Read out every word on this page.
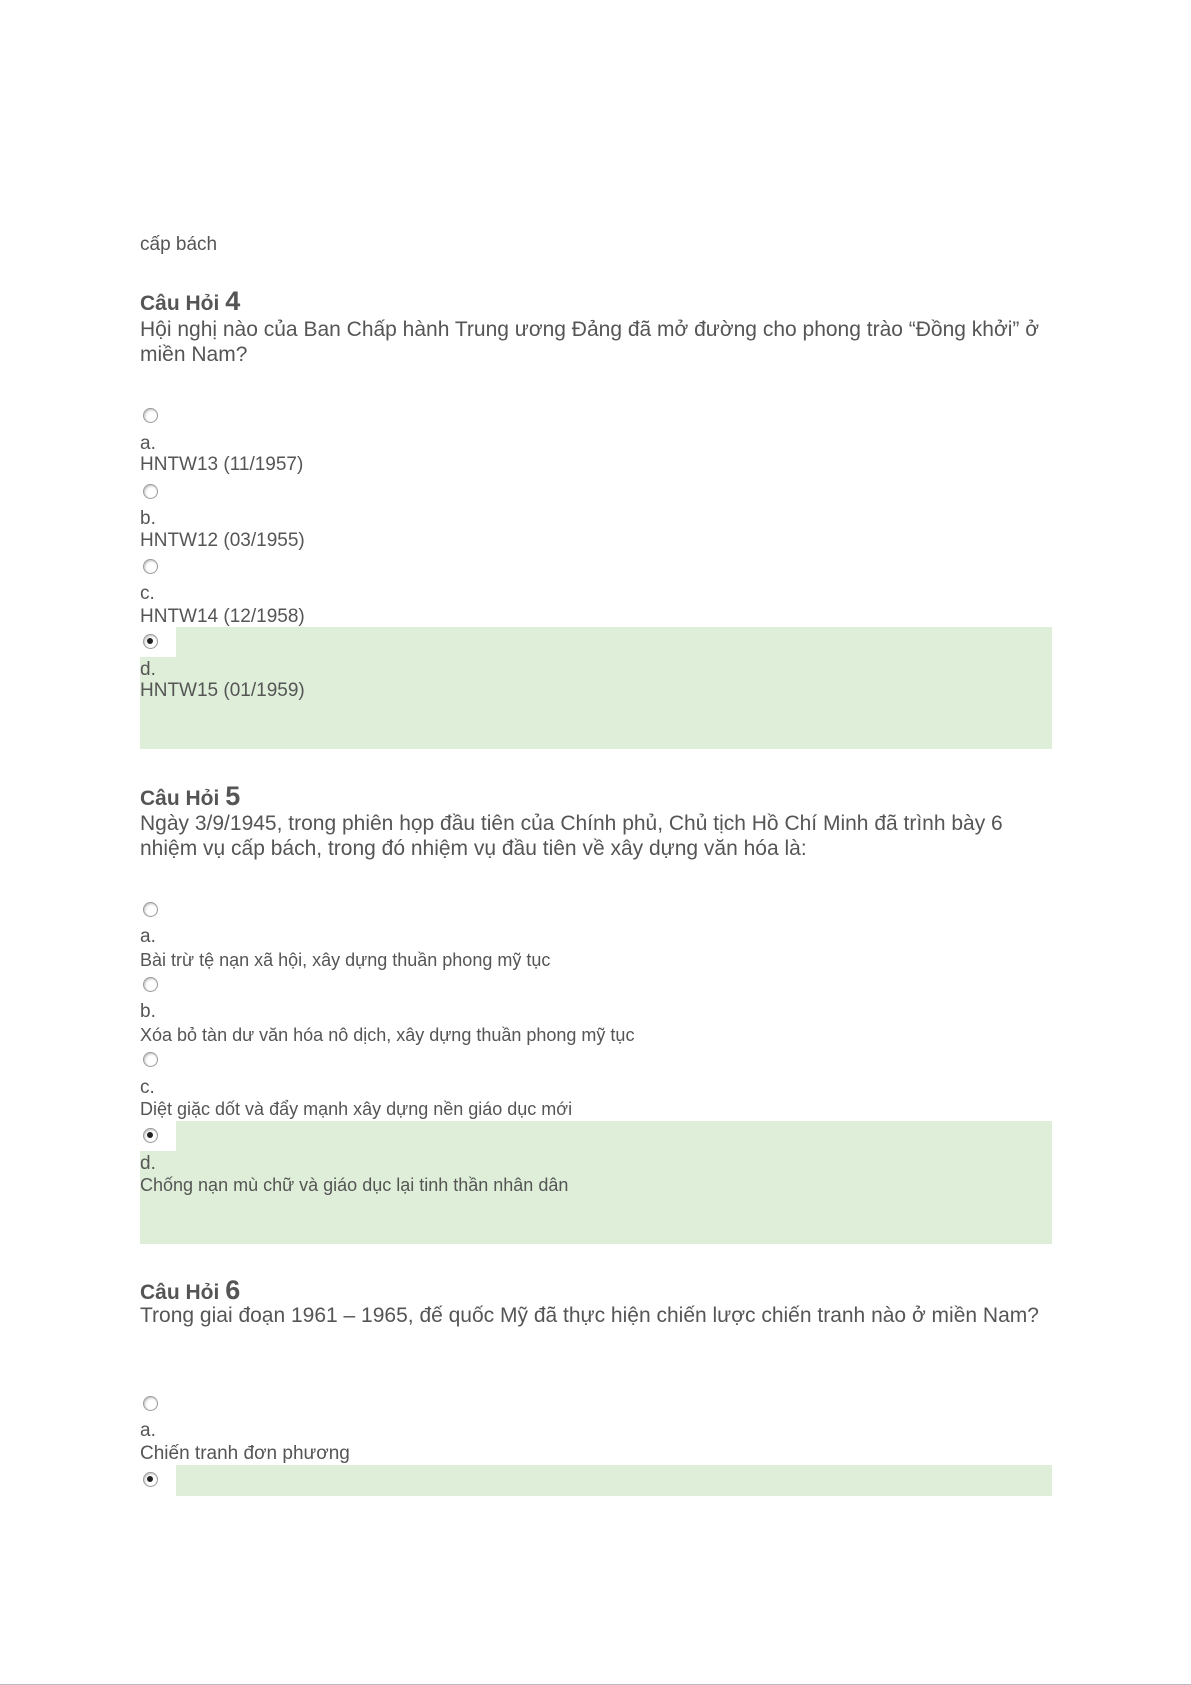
cấp bách
Câu Hỏi 4
Hội nghị nào của Ban Chấp hành Trung ương Đảng đã mở đường cho phong trào “Đồng khởi” ở miền Nam?
a.
HNTW13 (11/1957)
b.
HNTW12 (03/1955)
c.
HNTW14 (12/1958)
d.
HNTW15 (01/1959)
Câu Hỏi 5
Ngày 3/9/1945, trong phiên họp đầu tiên của Chính phủ, Chủ tịch Hồ Chí Minh đã trình bày 6 nhiệm vụ cấp bách, trong đó nhiệm vụ đầu tiên về xây dựng văn hóa là:
a.
Bài trừ tệ nạn xã hội, xây dựng thuần phong mỹ tục
b.
Xóa bỏ tàn dư văn hóa nô dịch, xây dựng thuần phong mỹ tục
c.
Diệt giặc dốt và đẩy mạnh xây dựng nền giáo dục mới
d.
Chống nạn mù chữ và giáo dục lại tinh thần nhân dân
Câu Hỏi 6
Trong giai đoạn 1961 – 1965, đế quốc Mỹ đã thực hiện chiến lược chiến tranh nào ở miền Nam?
a.
Chiến tranh đơn phương
